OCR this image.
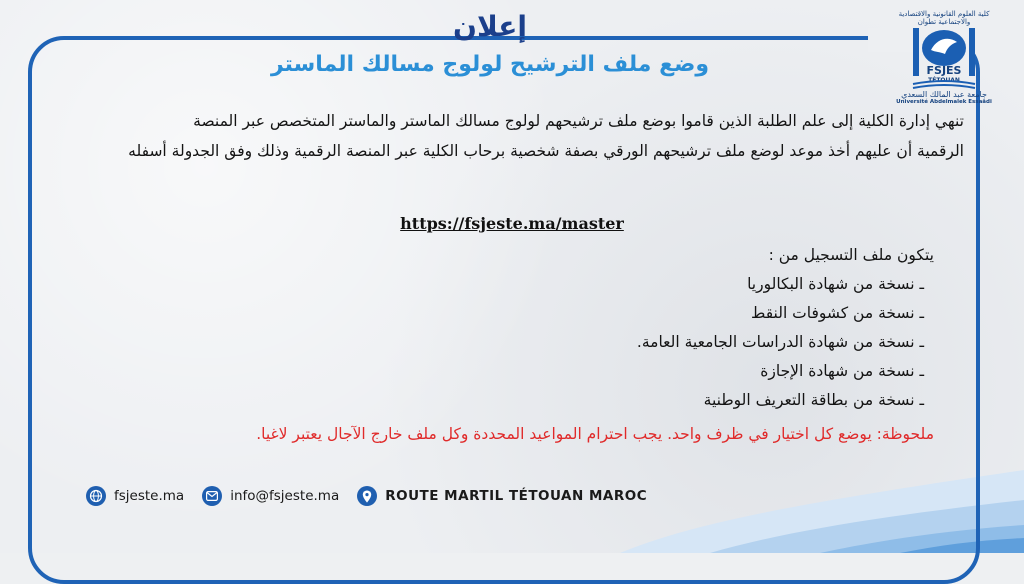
كلية العلوم القانونية والاقتصادية والاجتماعية تطوان
FSJES
TÉTOUAN
جامعة عبد المالك السعدي
Université Abdelmalek Essaâdi
إعلان
وضع ملف الترشيح لولوج مسالك الماستر
تنهي إدارة الكلية إلى علم الطلبة الذين قاموا بوضع ملف ترشيحهم لولوج مسالك الماستر والماستر المتخصص عبر المنصة
الرقمية أن عليهم أخذ موعد لوضع ملف ترشيحهم الورقي بصفة شخصية برحاب الكلية عبر المنصة الرقمية وذلك وفق الجدولة أسفله
https://fsjeste.ma/master
يتكون ملف التسجيل من :
ـ نسخة من شهادة البكالوريا
ـ نسخة من كشوفات النقط
ـ نسخة من شهادة الدراسات الجامعية العامة.
ـ نسخة من شهادة الإجازة
ـ نسخة من بطاقة التعريف الوطنية
ملحوظة: يوضع كل اختيار في ظرف واحد. يجب احترام المواعيد المحددة وكل ملف خارج الآجال يعتبر لاغيا.
fsjeste.ma	info@fsjeste.ma	ROUTE MARTIL TÉTOUAN MAROC
